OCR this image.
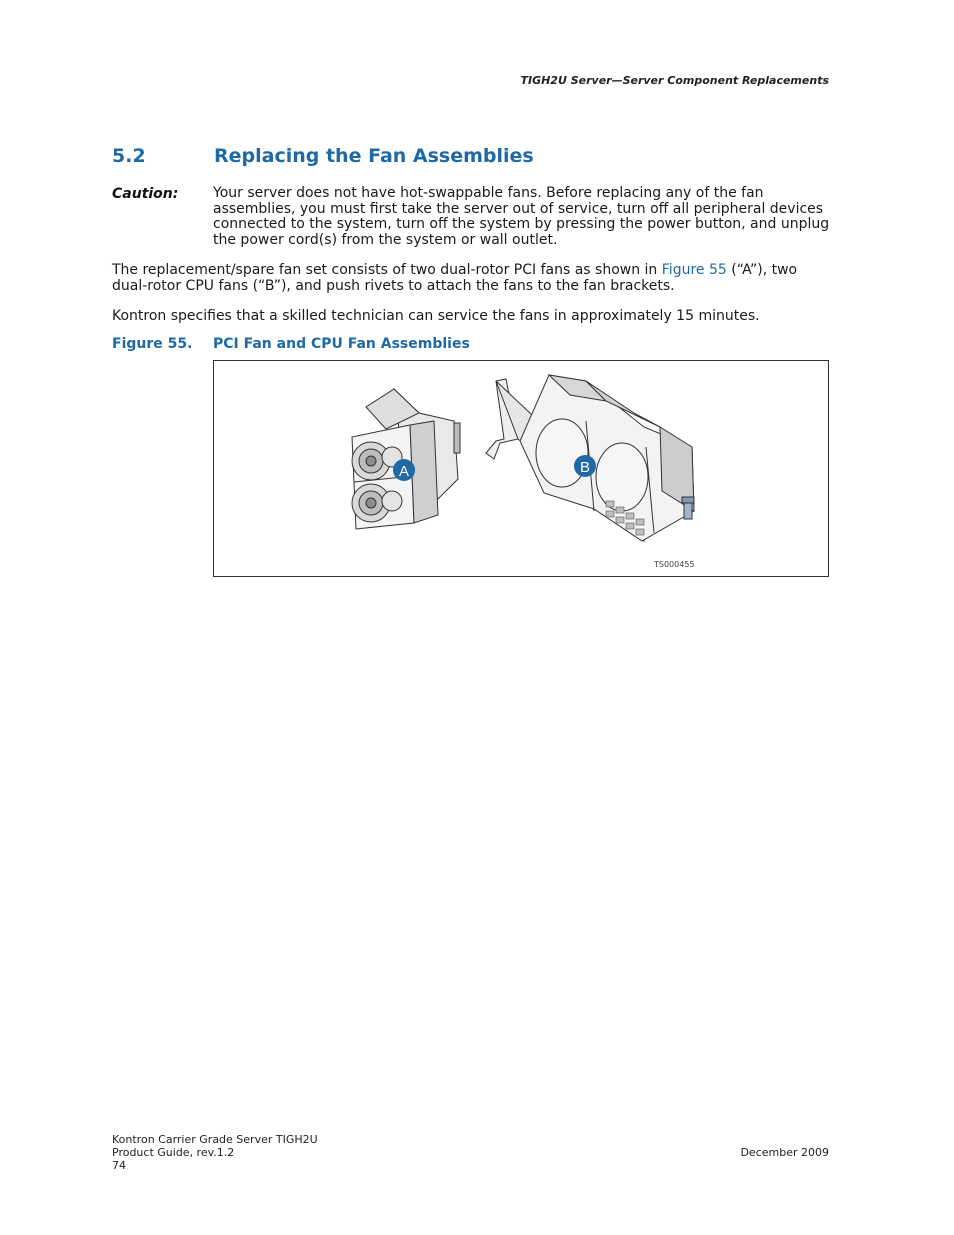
TIGH2U Server—Server Component Replacements
5.2	Replacing the Fan Assemblies
Caution: Your server does not have hot-swappable fans. Before replacing any of the fan assemblies, you must first take the server out of service, turn off all peripheral devices connected to the system, turn off the system by pressing the power button, and unplug the power cord(s) from the system or wall outlet.
The replacement/spare fan set consists of two dual-rotor PCI fans as shown in Figure 55 (“A”), two dual-rotor CPU fans (“B”), and push rivets to attach the fans to the fan brackets.
Kontron specifies that a skilled technician can service the fans in approximately 15 minutes.
Figure 55. PCI Fan and CPU Fan Assemblies
A	B
TS000455
Kontron Carrier Grade Server TIGH2U
Product Guide, rev.1.2
74
December 2009
